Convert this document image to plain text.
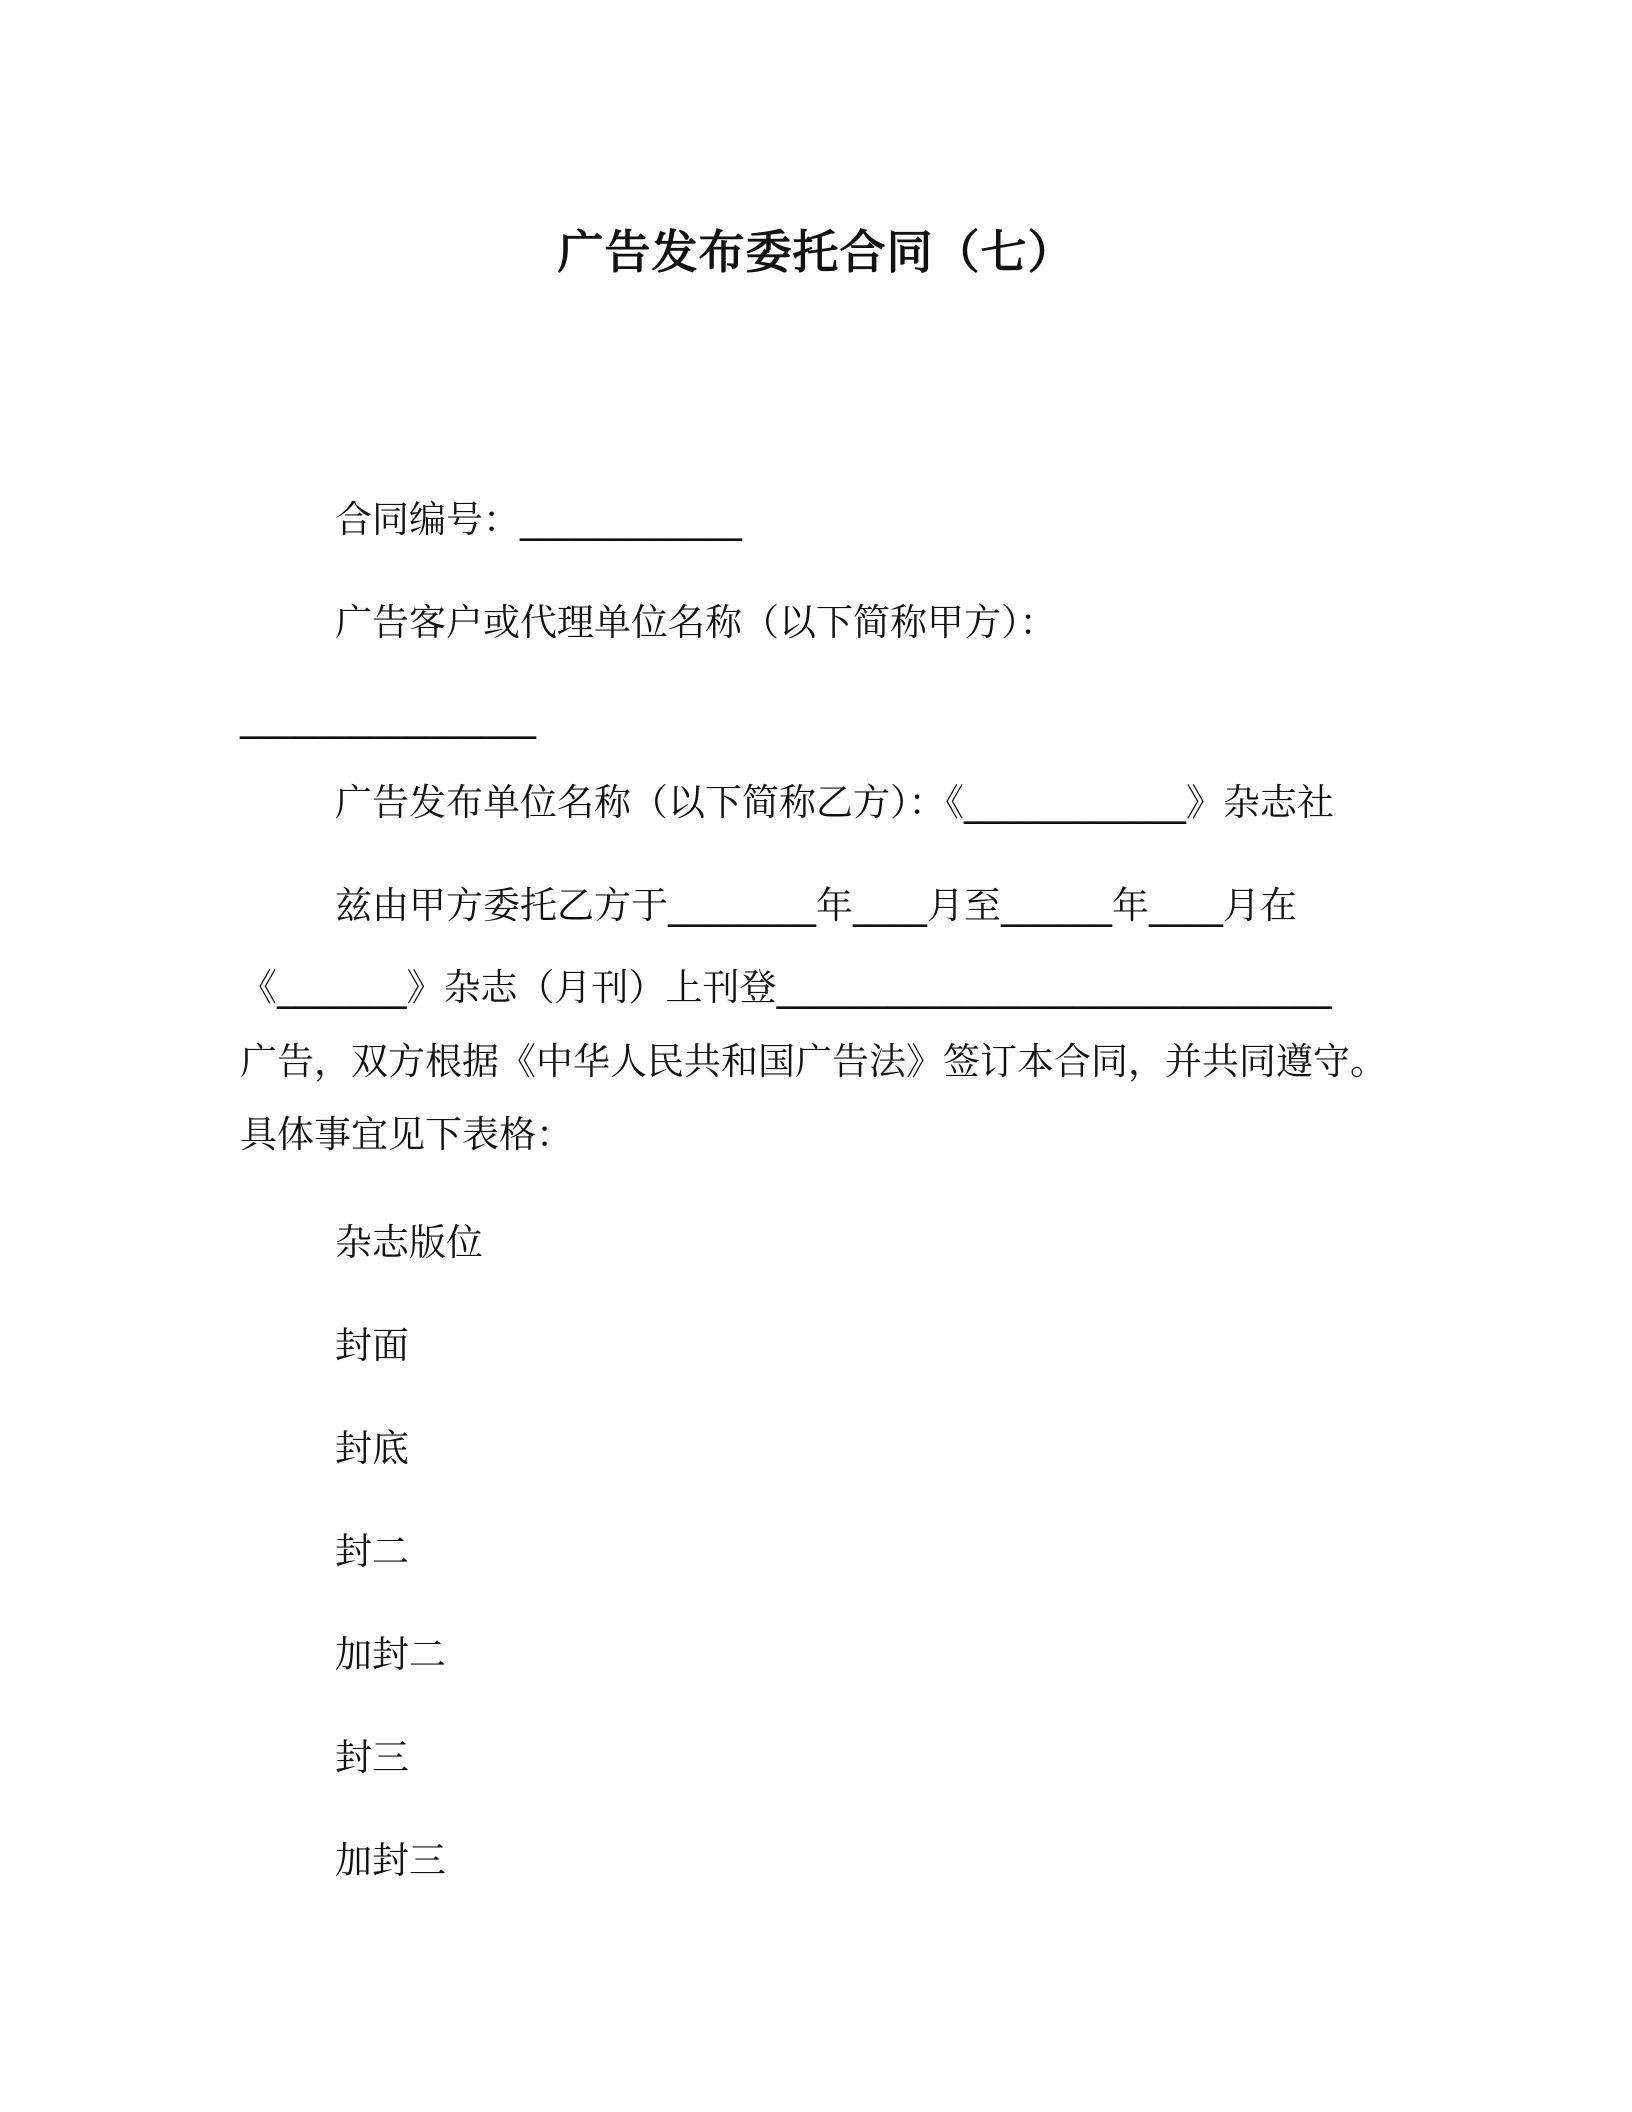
广告发布委托合同（七）
合同编号：____________
广告客户或代理单位名称（以下简称甲方）：
________________
广告发布单位名称（以下简称乙方）：《____________》杂志社
兹由甲方委托乙方于________年____月至______年____月在
《_______》杂志（月刊）上刊登______________________________
广告，双方根据《中华人民共和国广告法》签订本合同，并共同遵守。
具体事宜见下表格：
杂志版位
封面
封底
封二
加封二
封三
加封三
